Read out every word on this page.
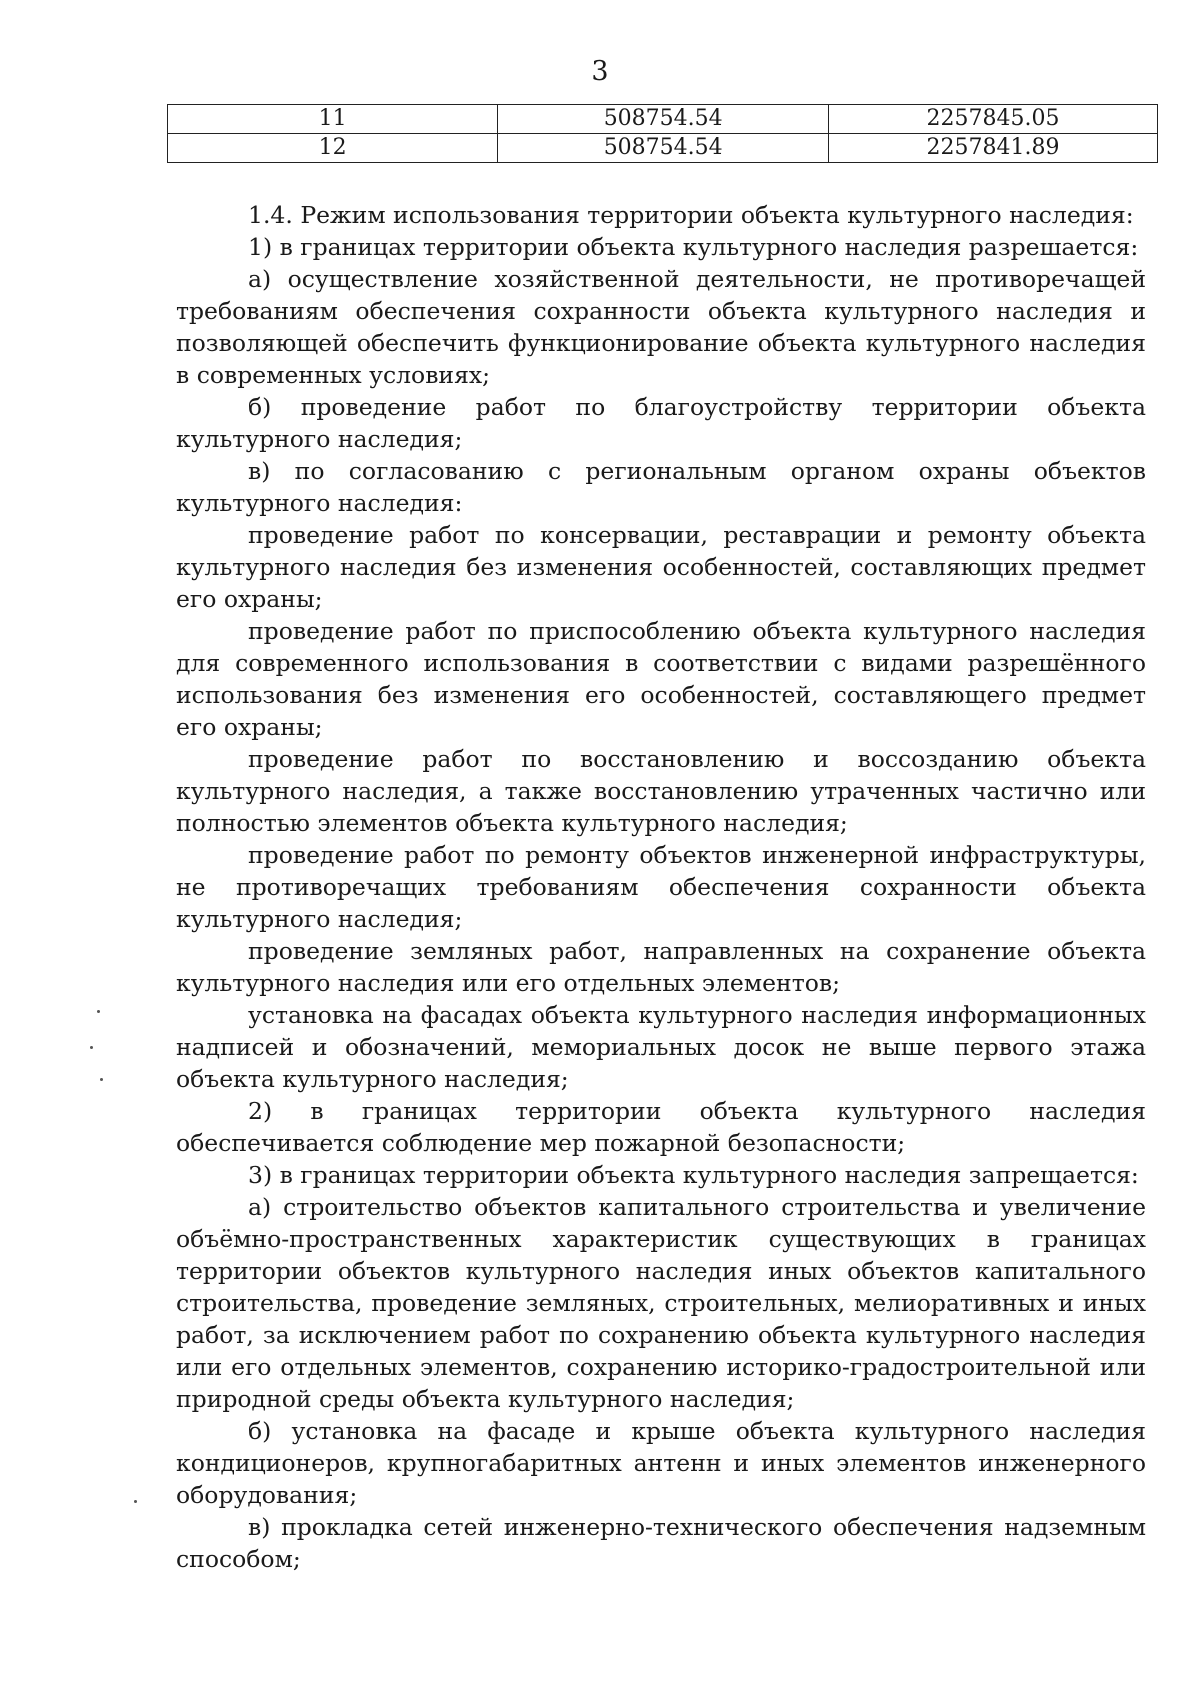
3
11	508754.54	2257845.05
12	508754.54	2257841.89

1.4. Режим использования территории объекта культурного наследия:

1) в границах территории объекта культурного наследия разрешается:

а) осуществление хозяйственной деятельности, не противоречащей требованиям обеспечения сохранности объекта культурного наследия и позволяющей обеспечить функционирование объекта культурного наследия в современных условиях;

б) проведение работ по благоустройству территории объекта культурного наследия;

в) по согласованию с региональным органом охраны объектов культурного наследия:

проведение работ по консервации, реставрации и ремонту объекта культурного наследия без изменения особенностей, составляющих предмет его охраны;

проведение работ по приспособлению объекта культурного наследия для современного использования в соответствии с видами разрешённого использования без изменения его особенностей, составляющего предмет его охраны;

проведение работ по восстановлению и воссозданию объекта культурного наследия, а также восстановлению утраченных частично или полностью элементов объекта культурного наследия;

проведение работ по ремонту объектов инженерной инфраструктуры, не противоречащих требованиям обеспечения сохранности объекта культурного наследия;

проведение земляных работ, направленных на сохранение объекта культурного наследия или его отдельных элементов;

установка на фасадах объекта культурного наследия информационных надписей и обозначений, мемориальных досок не выше первого этажа объекта культурного наследия;

2) в границах территории объекта культурного наследия обеспечивается соблюдение мер пожарной безопасности;

3) в границах территории объекта культурного наследия запрещается:

а) строительство объектов капитального строительства и увеличение объёмно-пространственных характеристик существующих в границах территории объектов культурного наследия иных объектов капитального строительства, проведение земляных, строительных, мелиоративных и иных работ, за исключением работ по сохранению объекта культурного наследия или его отдельных элементов, сохранению историко-градостроительной или природной среды объекта культурного наследия;

б) установка на фасаде и крыше объекта культурного наследия кондиционеров, крупногабаритных антенн и иных элементов инженерного оборудования;

в) прокладка сетей инженерно-технического обеспечения надземным способом;
